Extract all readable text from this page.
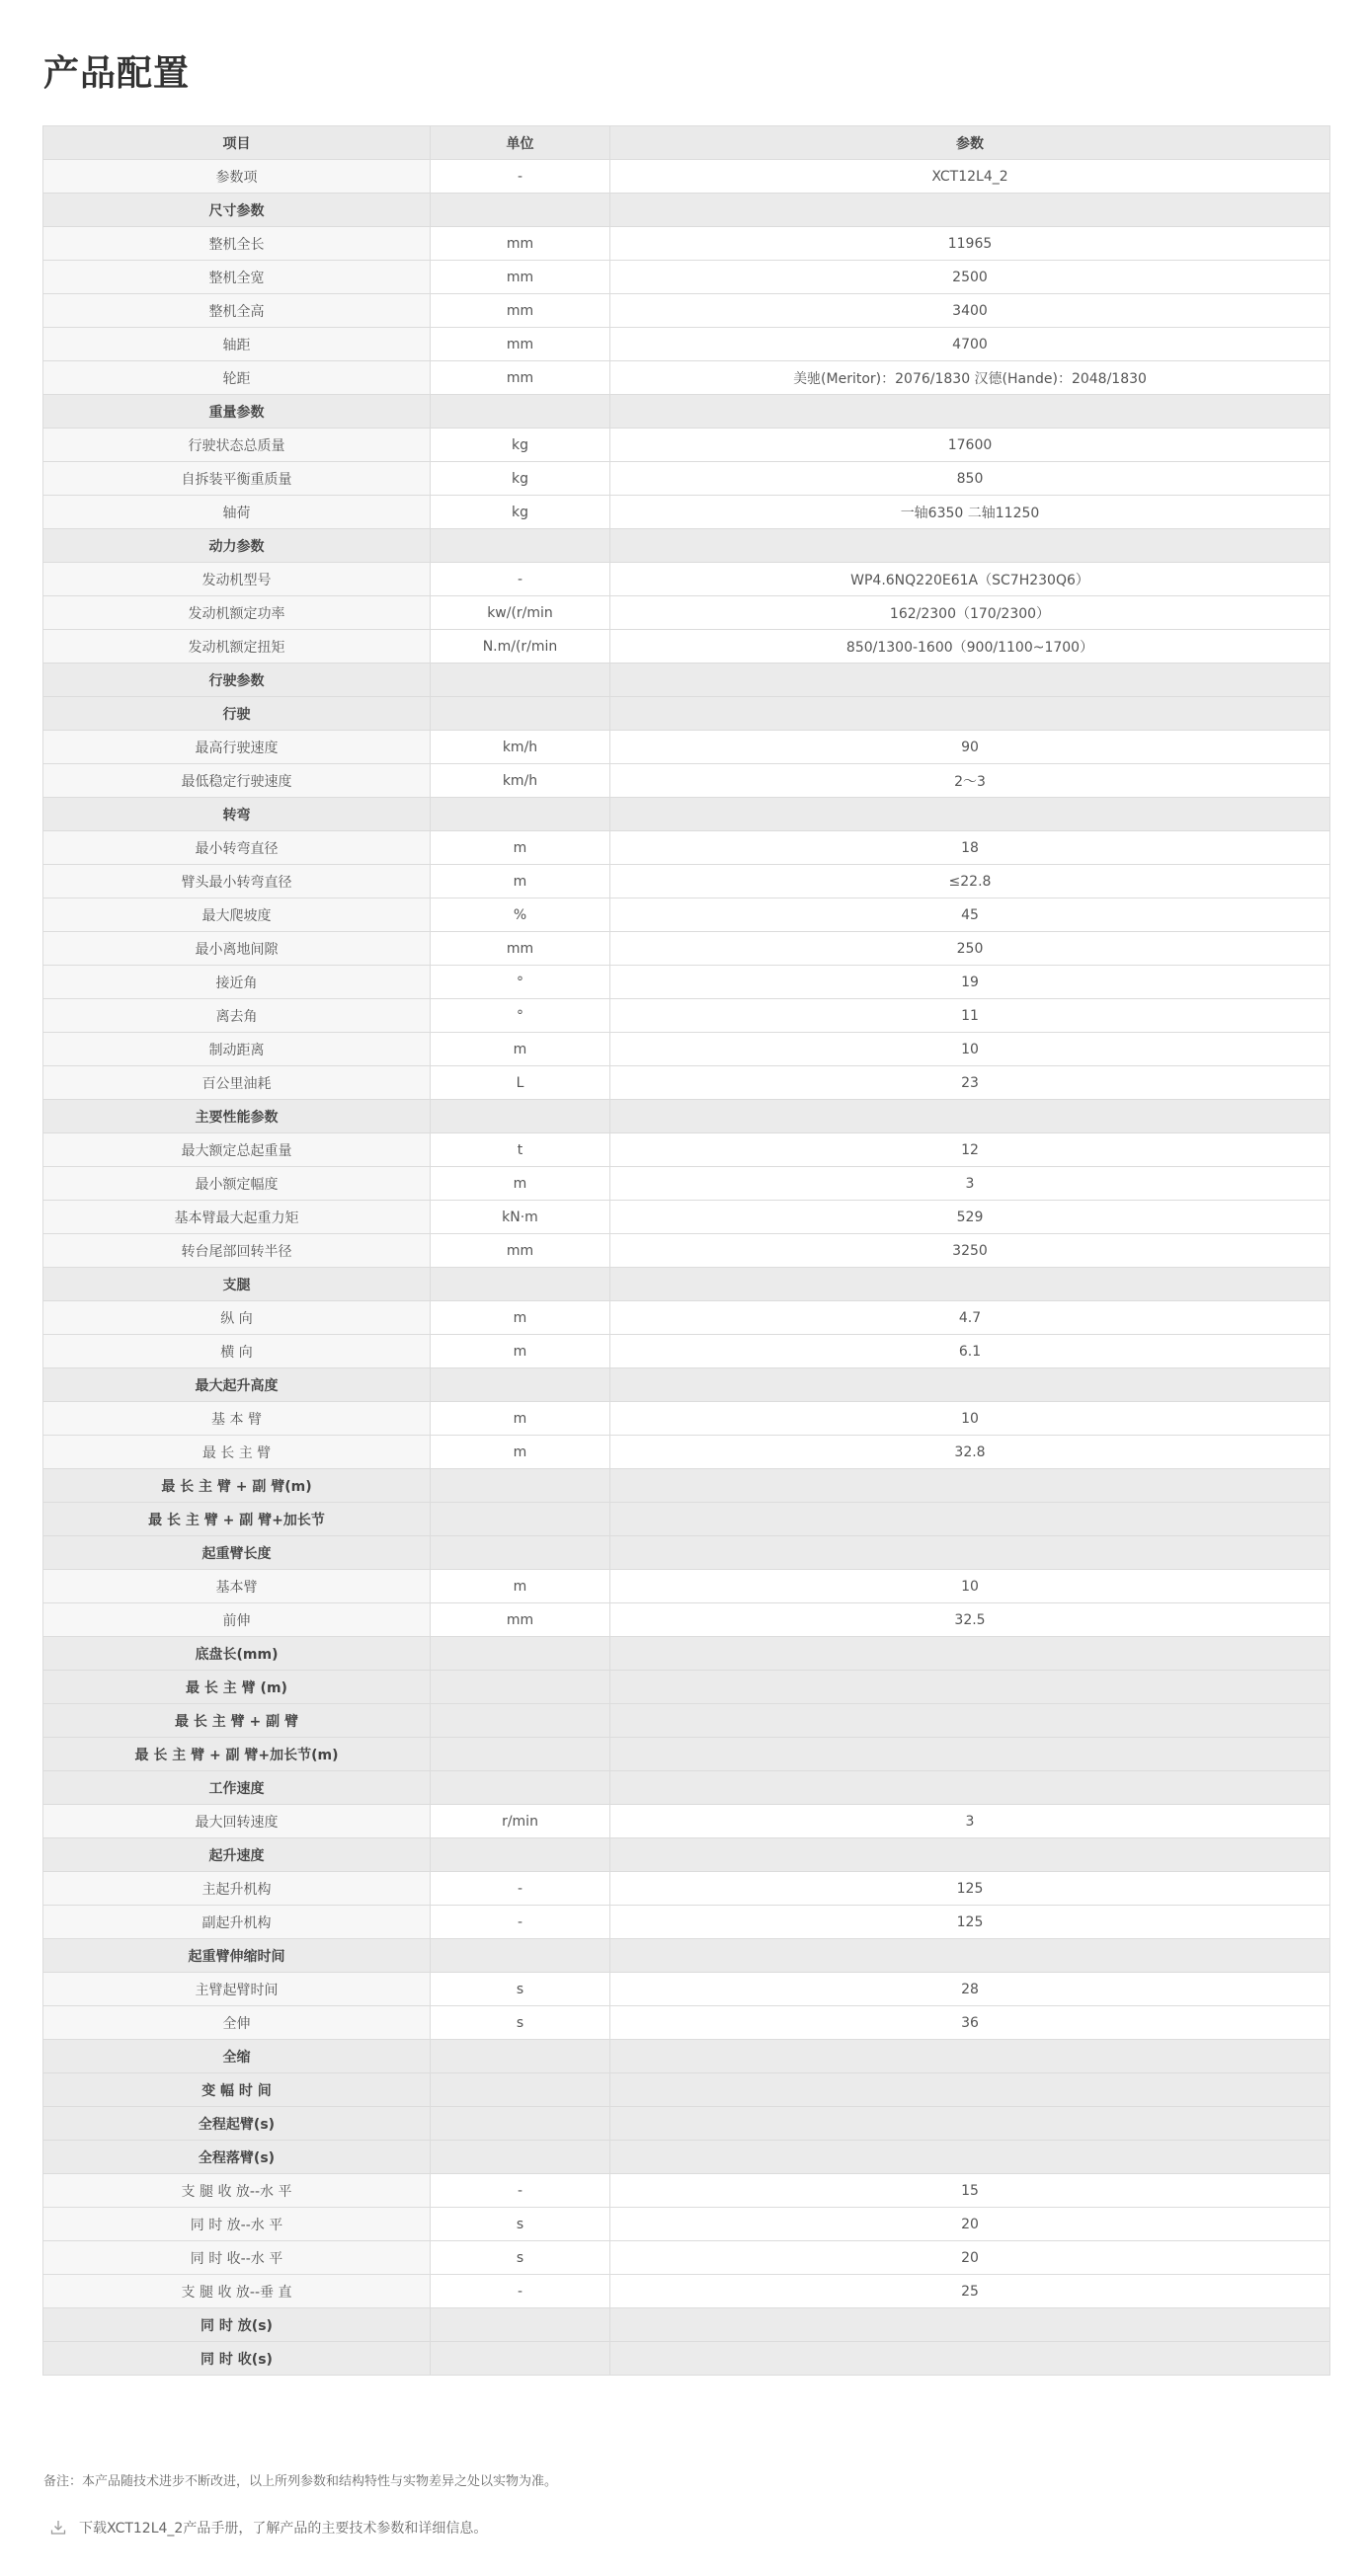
产品配置
项目	单位	参数
参数项	-	XCT12L4_2
尺寸参数		
整机全长	mm	11965
整机全宽	mm	2500
整机全高	mm	3400
轴距	mm	4700
轮距	mm	美驰(Meritor)：2076/1830 汉德(Hande)：2048/1830
重量参数		
行驶状态总质量	kg	17600
自拆装平衡重质量	kg	850
轴荷	kg	一轴6350 二轴11250
动力参数		
发动机型号	-	WP4.6NQ220E61A（SC7H230Q6）
发动机额定功率	kw/(r/min	162/2300（170/2300）
发动机额定扭矩	N.m/(r/min	850/1300-1600（900/1100~1700）
行驶参数		
行驶		
最高行驶速度	km/h	90
最低稳定行驶速度	km/h	2～3
转弯		
最小转弯直径	m	18
臂头最小转弯直径	m	≤22.8
最大爬坡度	%	45
最小离地间隙	mm	250
接近角	°	19
离去角	°	11
制动距离	m	10
百公里油耗	L	23
主要性能参数		
最大额定总起重量	t	12
最小额定幅度	m	3
基本臂最大起重力矩	kN·m	529
转台尾部回转半径	mm	3250
支腿		
纵 向	m	4.7
横 向	m	6.1
最大起升高度		
基 本 臂	m	10
最 长 主 臂	m	32.8
最 长 主 臂 + 副 臂(m)		
最 长 主 臂 + 副 臂+加长节		
起重臂长度		
基本臂	m	10
前伸	mm	32.5
底盘长(mm)		
最 长 主 臂 (m)		
最 长 主 臂 + 副 臂		
最 长 主 臂 + 副 臂+加长节(m)		
工作速度		
最大回转速度	r/min	3
起升速度		
主起升机构	-	125
副起升机构	-	125
起重臂伸缩时间		
主臂起臂时间	s	28
全伸	s	36
全缩		
变 幅 时 间		
全程起臂(s)		
全程落臂(s)		
支 腿 收 放--水 平	-	15
同 时 放--水 平	s	20
同 时 收--水 平	s	20
支 腿 收 放--垂 直	-	25
同 时 放(s)		
同 时 收(s)		

备注：本产品随技术进步不断改进，以上所列参数和结构特性与实物差异之处以实物为准。

下载XCT12L4_2产品手册，了解产品的主要技术参数和详细信息。
